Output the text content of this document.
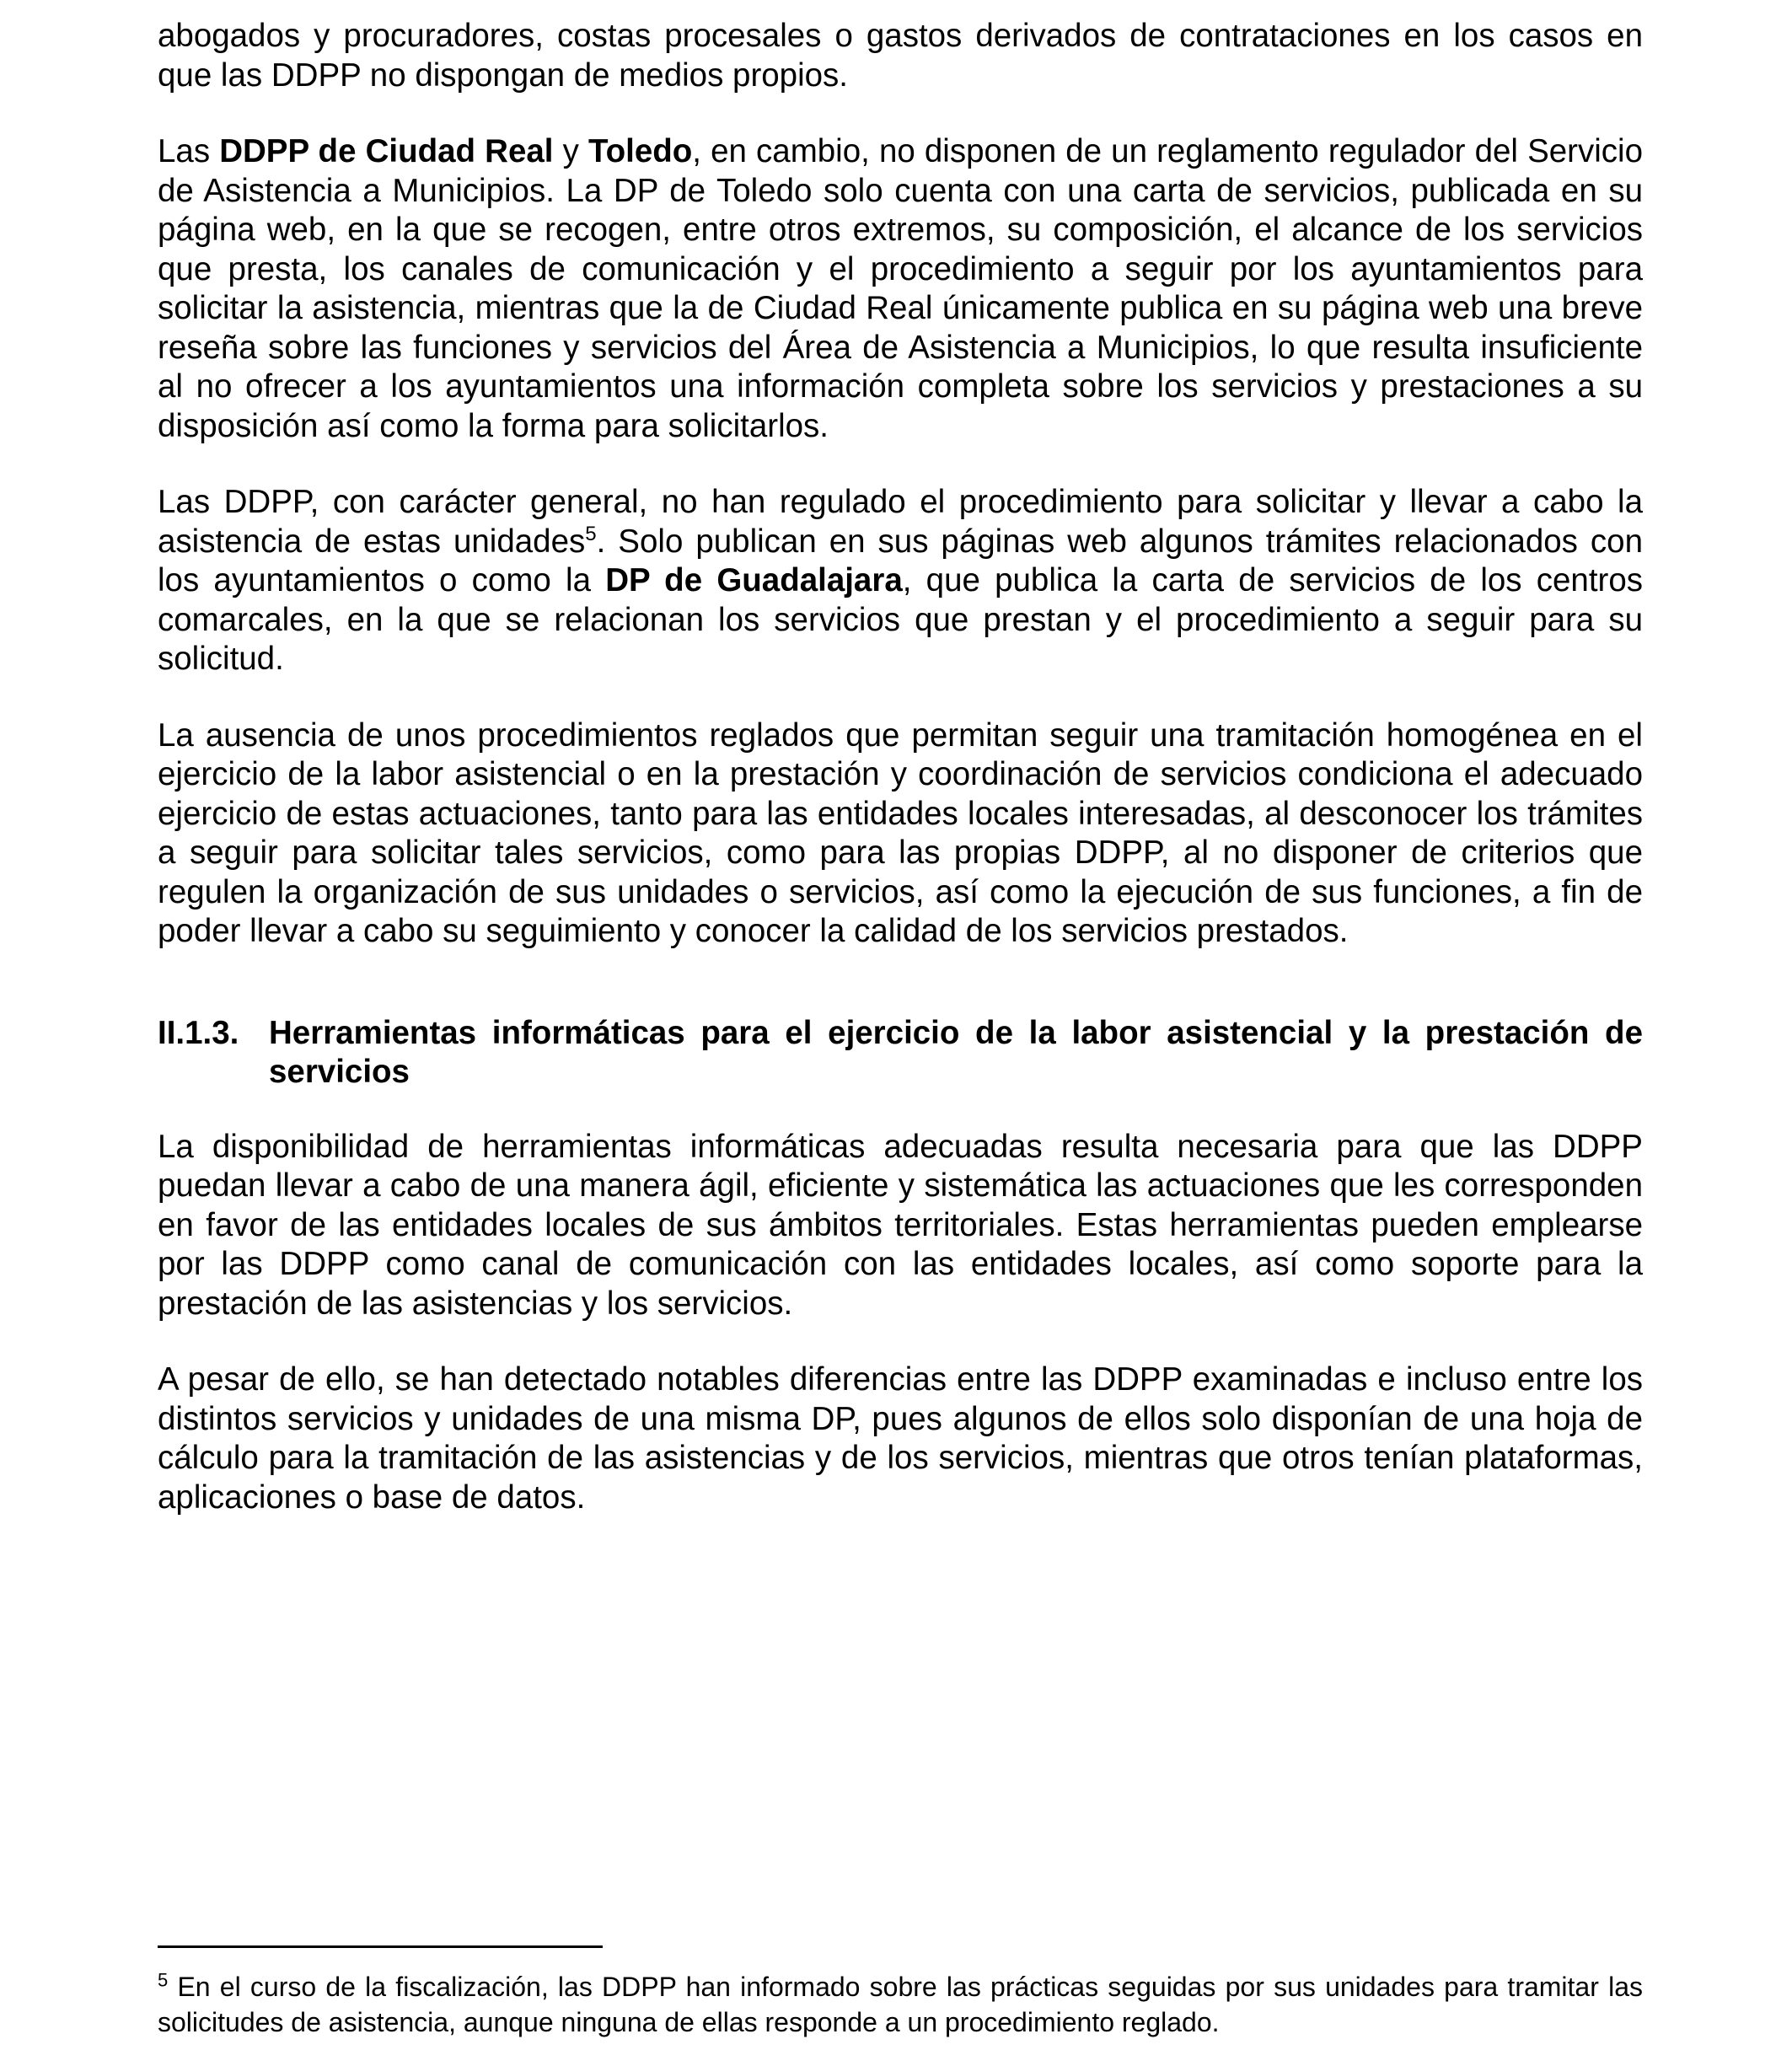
abogados y procuradores, costas procesales o gastos derivados de contrataciones en los casos en que las DDPP no dispongan de medios propios.

Las DDPP de Ciudad Real y Toledo, en cambio, no disponen de un reglamento regulador del Servicio de Asistencia a Municipios. La DP de Toledo solo cuenta con una carta de servicios, publicada en su página web, en la que se recogen, entre otros extremos, su composición, el alcance de los servicios que presta, los canales de comunicación y el procedimiento a seguir por los ayuntamientos para solicitar la asistencia, mientras que la de Ciudad Real únicamente publica en su página web una breve reseña sobre las funciones y servicios del Área de Asistencia a Municipios, lo que resulta insuficiente al no ofrecer a los ayuntamientos una información completa sobre los servicios y prestaciones a su disposición así como la forma para solicitarlos.

Las DDPP, con carácter general, no han regulado el procedimiento para solicitar y llevar a cabo la asistencia de estas unidades$^5$. Solo publican en sus páginas web algunos trámites relacionados con los ayuntamientos o como la DP de Guadalajara, que publica la carta de servicios de los centros comarcales, en la que se relacionan los servicios que prestan y el procedimiento a seguir para su solicitud.

La ausencia de unos procedimientos reglados que permitan seguir una tramitación homogénea en el ejercicio de la labor asistencial o en la prestación y coordinación de servicios condiciona el adecuado ejercicio de estas actuaciones, tanto para las entidades locales interesadas, al desconocer los trámites a seguir para solicitar tales servicios, como para las propias DDPP, al no disponer de criterios que regulen la organización de sus unidades o servicios, así como la ejecución de sus funciones, a fin de poder llevar a cabo su seguimiento y conocer la calidad de los servicios prestados.

II.1.3. Herramientas informáticas para el ejercicio de la labor asistencial y la prestación de servicios

La disponibilidad de herramientas informáticas adecuadas resulta necesaria para que las DDPP puedan llevar a cabo de una manera ágil, eficiente y sistemática las actuaciones que les corresponden en favor de las entidades locales de sus ámbitos territoriales. Estas herramientas pueden emplearse por las DDPP como canal de comunicación con las entidades locales, así como soporte para la prestación de las asistencias y los servicios.

A pesar de ello, se han detectado notables diferencias entre las DDPP examinadas e incluso entre los distintos servicios y unidades de una misma DP, pues algunos de ellos solo disponían de una hoja de cálculo para la tramitación de las asistencias y de los servicios, mientras que otros tenían plataformas, aplicaciones o base de datos.

$^5$ En el curso de la fiscalización, las DDPP han informado sobre las prácticas seguidas por sus unidades para tramitar las solicitudes de asistencia, aunque ninguna de ellas responde a un procedimiento reglado.
